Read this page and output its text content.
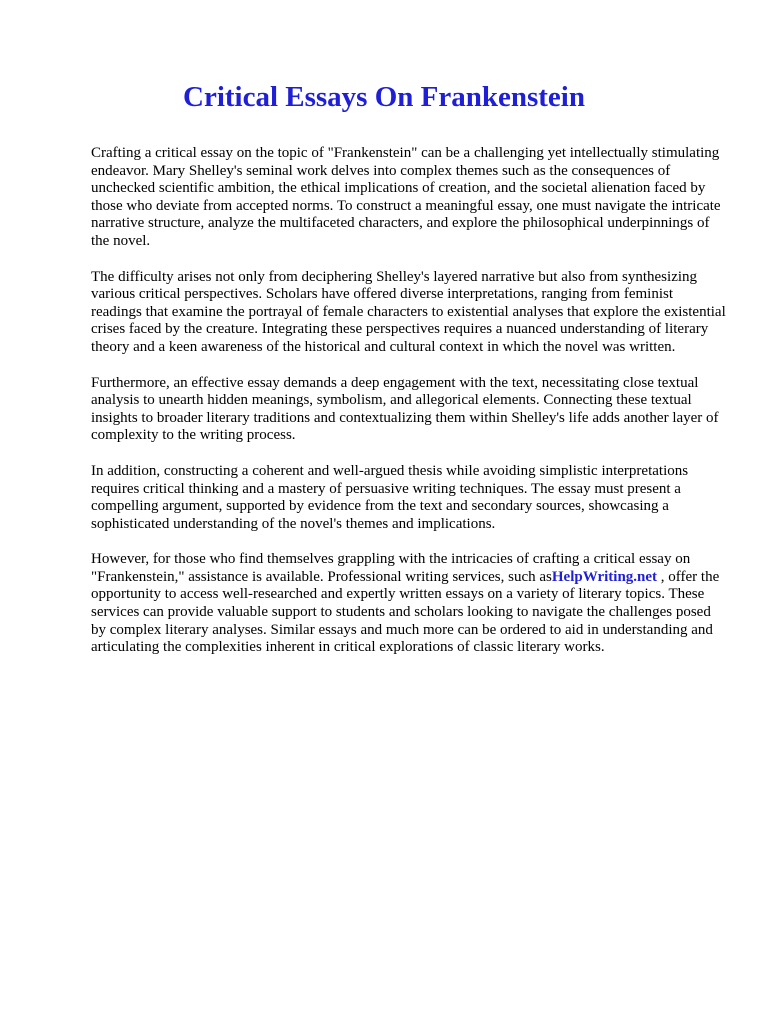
Critical Essays On Frankenstein

Crafting a critical essay on the topic of "Frankenstein" can be a challenging yet intellectually stimulating endeavor. Mary Shelley's seminal work delves into complex themes such as the consequences of unchecked scientific ambition, the ethical implications of creation, and the societal alienation faced by those who deviate from accepted norms. To construct a meaningful essay, one must navigate the intricate narrative structure, analyze the multifaceted characters, and explore the philosophical underpinnings of the novel.

The difficulty arises not only from deciphering Shelley's layered narrative but also from synthesizing various critical perspectives. Scholars have offered diverse interpretations, ranging from feminist readings that examine the portrayal of female characters to existential analyses that explore the existential crises faced by the creature. Integrating these perspectives requires a nuanced understanding of literary theory and a keen awareness of the historical and cultural context in which the novel was written.

Furthermore, an effective essay demands a deep engagement with the text, necessitating close textual analysis to unearth hidden meanings, symbolism, and allegorical elements. Connecting these textual insights to broader literary traditions and contextualizing them within Shelley's life adds another layer of complexity to the writing process.

In addition, constructing a coherent and well-argued thesis while avoiding simplistic interpretations requires critical thinking and a mastery of persuasive writing techniques. The essay must present a compelling argument, supported by evidence from the text and secondary sources, showcasing a sophisticated understanding of the novel's themes and implications.

However, for those who find themselves grappling with the intricacies of crafting a critical essay on "Frankenstein," assistance is available. Professional writing services, such asHelpWriting.net , offer the opportunity to access well-researched and expertly written essays on a variety of literary topics. These services can provide valuable support to students and scholars looking to navigate the challenges posed by complex literary analyses. Similar essays and much more can be ordered to aid in understanding and articulating the complexities inherent in critical explorations of classic literary works.
